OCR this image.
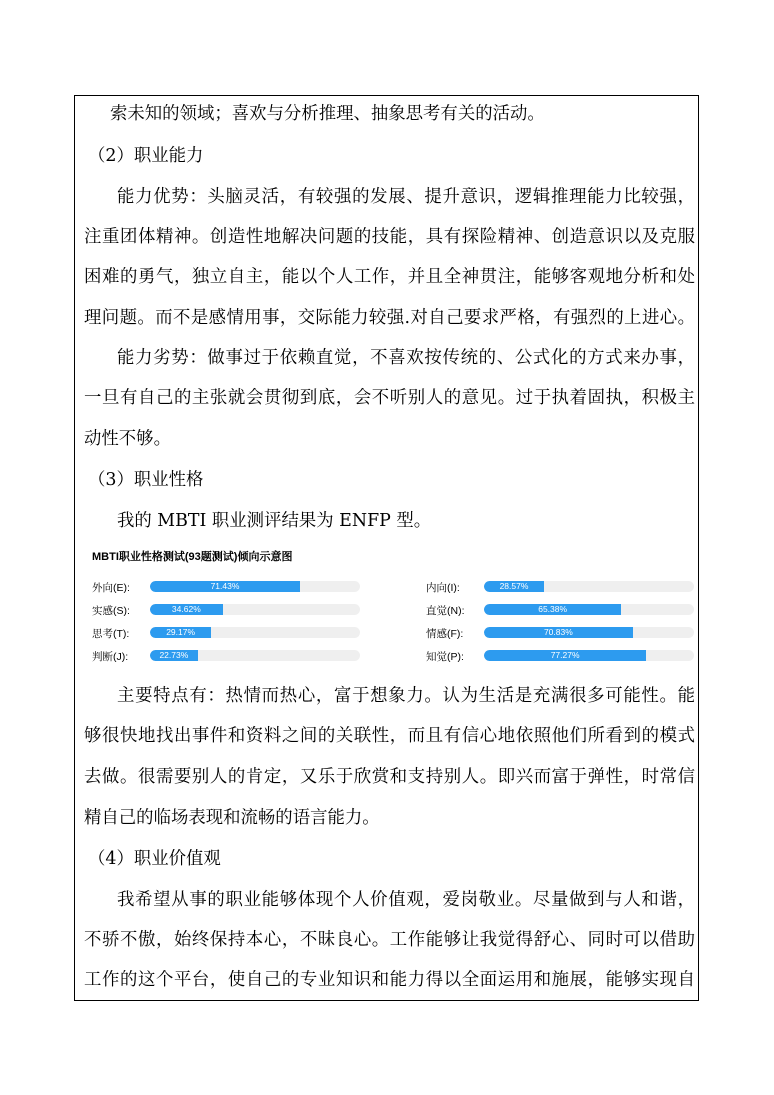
索未知的领域；喜欢与分析推理、抽象思考有关的活动。
（2）职业能力
能力优势：头脑灵活，有较强的发展、提升意识，逻辑推理能力比较强，
注重团体精神。创造性地解决问题的技能，具有探险精神、创造意识以及克服
困难的勇气，独立自主，能以个人工作，并且全神贯注，能够客观地分析和处
理问题。而不是感情用事，交际能力较强.对自己要求严格，有强烈的上进心。
能力劣势：做事过于依赖直觉，不喜欢按传统的、公式化的方式来办事，
一旦有自己的主张就会贯彻到底，会不听别人的意见。过于执着固执，积极主
动性不够。
（3）职业性格
我的 MBTI 职业测评结果为 ENFP 型。
主要特点有：热情而热心，富于想象力。认为生活是充满很多可能性。能
够很快地找出事件和资料之间的关联性，而且有信心地依照他们所看到的模式
去做。很需要别人的肯定，又乐于欣赏和支持别人。即兴而富于弹性，时常信
精自己的临场表现和流畅的语言能力。
（4）职业价值观
我希望从事的职业能够体现个人价值观，爱岗敬业。尽量做到与人和谐，
不骄不傲，始终保持本心，不昧良心。工作能够让我觉得舒心、同时可以借助
工作的这个平台，使自己的专业知识和能力得以全面运用和施展，能够实现自
MBTI职业性格测试(93题测试)倾向示意图
外向(E):	71.43%
实感(S):	34.62%
思考(T):	29.17%
判断(J):	22.73%
内向(I):	28.57%
直觉(N):	65.38%
情感(F):	70.83%
知觉(P):	77.27%
